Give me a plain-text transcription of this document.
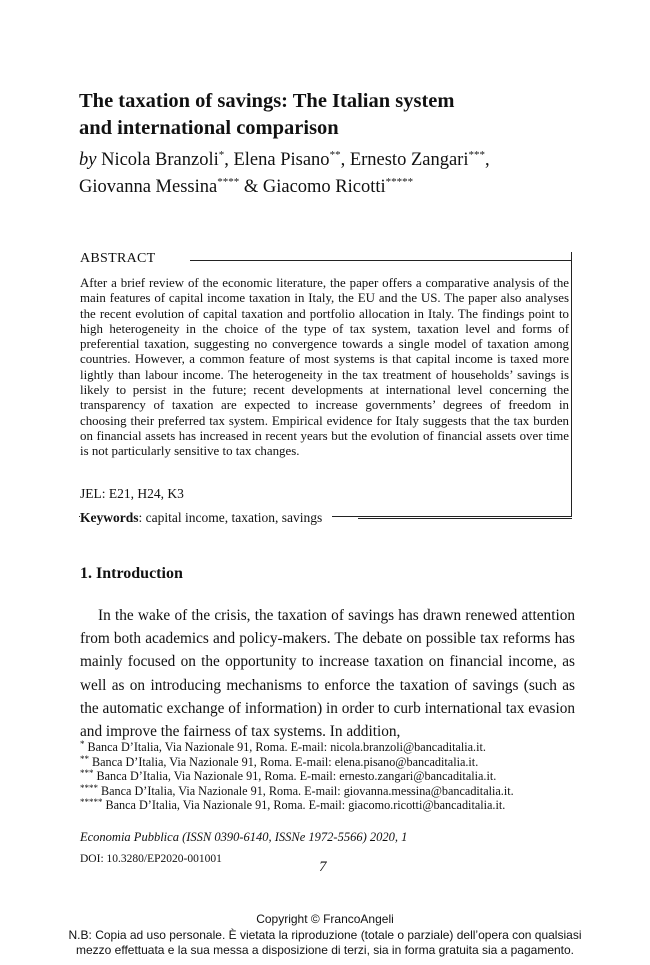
The taxation of savings: The Italian system
and international comparison
by Nicola Branzoli*, Elena Pisano**, Ernesto Zangari***,
Giovanna Messina**** & Giacomo Ricotti*****
ABSTRACT

After a brief review of the economic literature, the paper offers a comparative analysis of the main features of capital income taxation in Italy, the EU and the US. The paper also analyses the recent evolution of capital taxation and portfolio allocation in Italy. The findings point to high heterogeneity in the choice of the type of tax system, taxation level and forms of preferential taxation, suggesting no convergence towards a single model of taxation among countries. However, a common feature of most systems is that capital income is taxed more lightly than labour income. The heterogeneity in the tax treatment of households’ savings is likely to persist in the future; recent developments at international level concerning the transparency of taxation are expected to increase governments’ degrees of freedom in choosing their preferred tax system. Empirical evidence for Italy suggests that the tax burden on financial assets has increased in recent years but the evolution of financial assets over time is not particularly sensitive to tax changes.

JEL: E21, H24, K3
Keywords: capital income, taxation, savings
1. Introduction

In the wake of the crisis, the taxation of savings has drawn renewed attention from both academics and policy-makers. The debate on possible tax reforms has mainly focused on the opportunity to increase taxation on financial income, as well as on introducing mechanisms to enforce the taxation of savings (such as the automatic exchange of information) in order to curb international tax evasion and improve the fairness of tax systems. In addition,

* Banca D’Italia, Via Nazionale 91, Roma. E-mail: nicola.branzoli@bancaditalia.it.
** Banca D’Italia, Via Nazionale 91, Roma. E-mail: elena.pisano@bancaditalia.it.
*** Banca D’Italia, Via Nazionale 91, Roma. E-mail: ernesto.zangari@bancaditalia.it.
**** Banca D’Italia, Via Nazionale 91, Roma. E-mail: giovanna.messina@bancaditalia.it.
***** Banca D’Italia, Via Nazionale 91, Roma. E-mail: giacomo.ricotti@bancaditalia.it.
Economia Pubblica (ISSN 0390-6140, ISSNe 1972-5566) 2020, 1
DOI: 10.3280/EP2020-001001	7
Copyright © FrancoAngeli
N.B: Copia ad uso personale. È vietata la riproduzione (totale o parziale) dell’opera con qualsiasi
mezzo effettuata e la sua messa a disposizione di terzi, sia in forma gratuita sia a pagamento.
